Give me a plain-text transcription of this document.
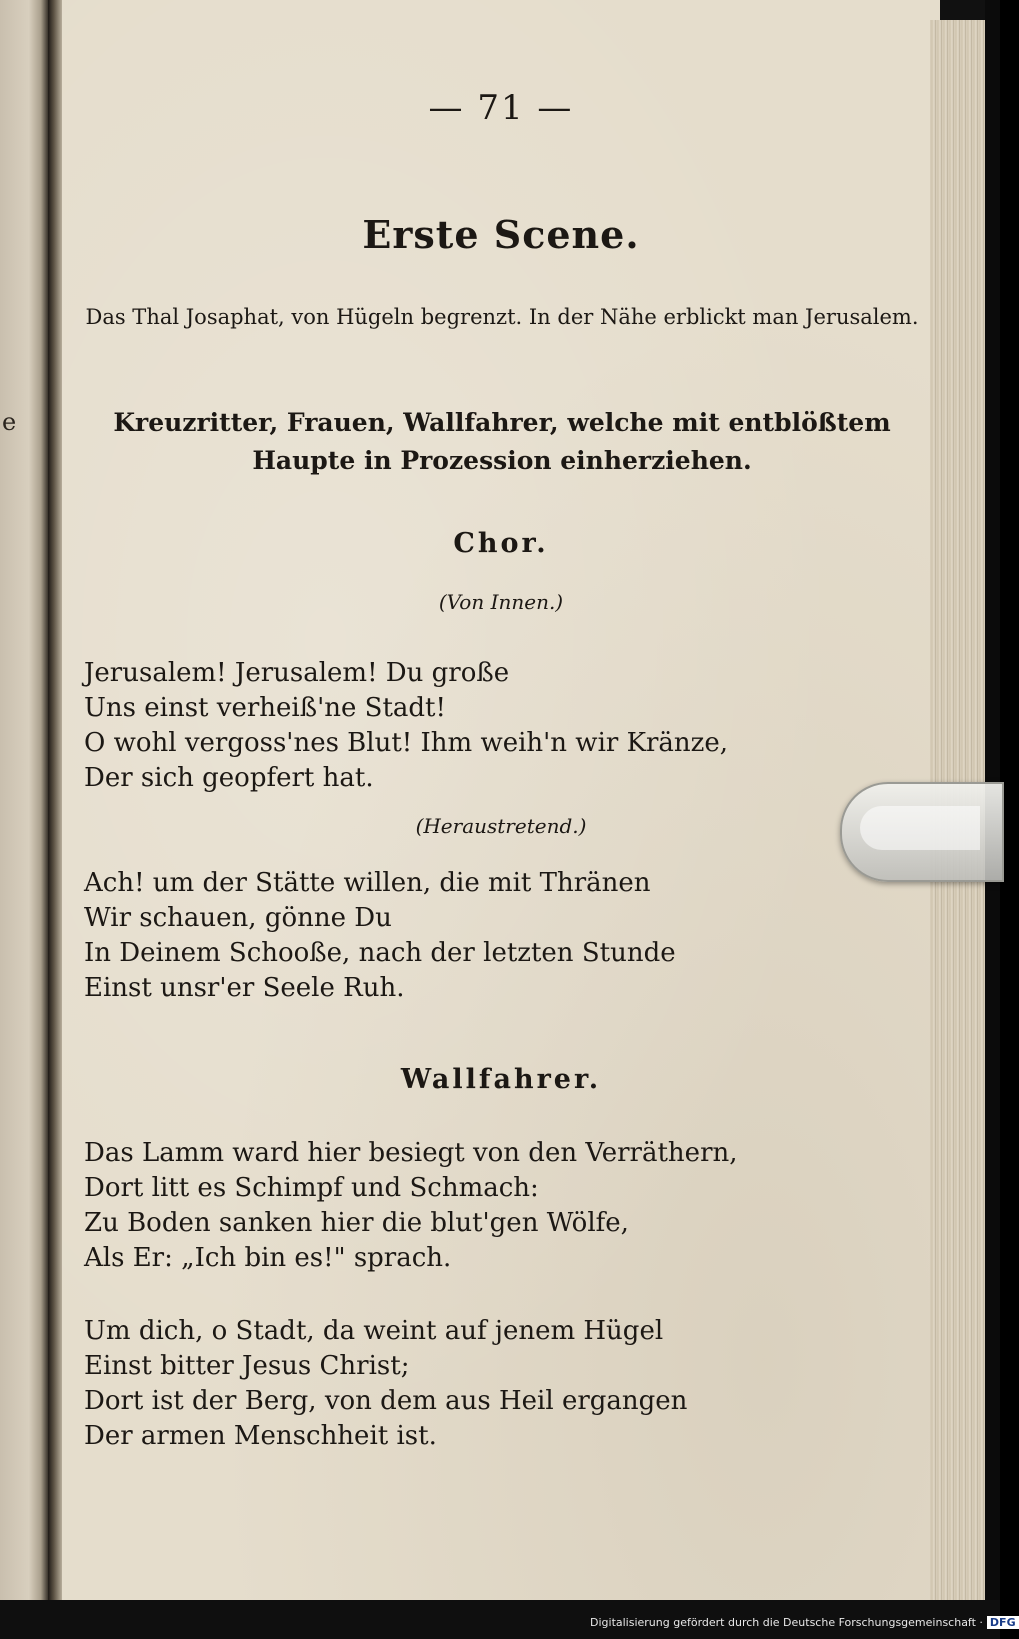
e
— 71 —
Erste Scene.
Das Thal Josaphat, von Hügeln begrenzt. In der Nähe erblickt man Jerusalem.
Kreuzritter, Frauen, Wallfahrer, welche mit entblößtem Haupte in Prozession einherziehen.
Chor.
(Von Innen.)
Jerusalem! Jerusalem! Du große
Uns einst verheiß'ne Stadt!
O wohl vergoss'nes Blut! Ihm weih'n wir Kränze,
Der sich geopfert hat.
(Heraustretend.)
Ach! um der Stätte willen, die mit Thränen
Wir schauen, gönne Du
In Deinem Schooße, nach der letzten Stunde
Einst unsr'er Seele Ruh.
Wallfahrer.
Das Lamm ward hier besiegt von den Verräthern,
Dort litt es Schimpf und Schmach:
Zu Boden sanken hier die blut'gen Wölfe,
Als Er: „Ich bin es!" sprach.
Um dich, o Stadt, da weint auf jenem Hügel
Einst bitter Jesus Christ;
Dort ist der Berg, von dem aus Heil ergangen
Der armen Menschheit ist.
Digitalisierung gefördert durch die Deutsche Forschungsgemeinschaft · DFG
